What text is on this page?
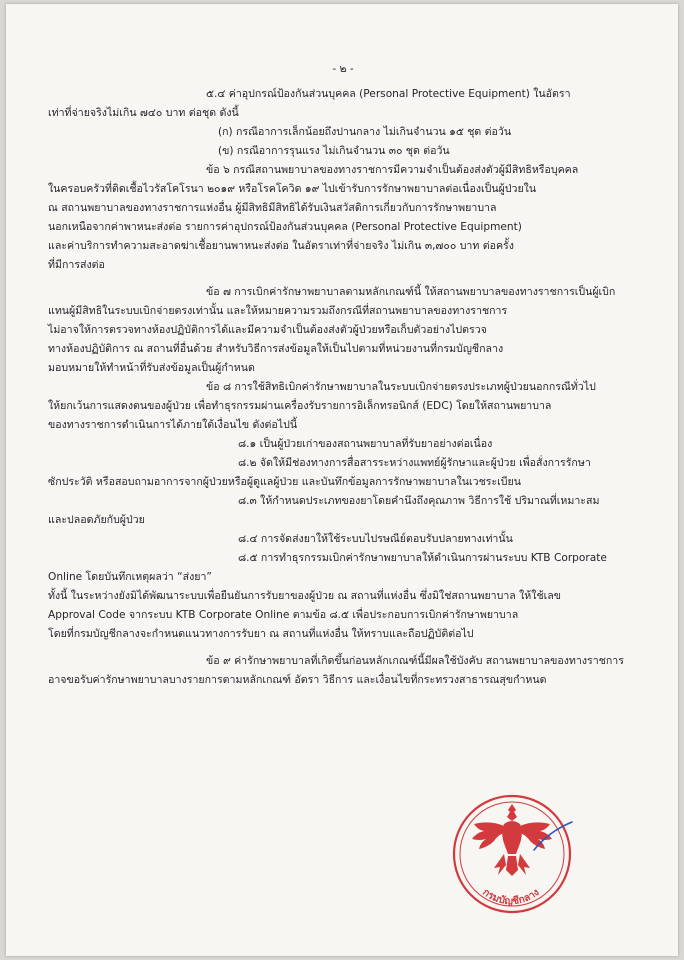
- ๒ -

๕.๔ ค่าอุปกรณ์ป้องกันส่วนบุคคล (Personal Protective Equipment) ในอัตรา

เท่าที่จ่ายจริงไม่เกิน ๗๔๐ บาท ต่อชุด ดังนี้

(ก) กรณีอาการเล็กน้อยถึงปานกลาง ไม่เกินจำนวน ๑๕ ชุด ต่อวัน

(ข) กรณีอาการรุนแรง ไม่เกินจำนวน ๓๐ ชุด ต่อวัน

ข้อ ๖ กรณีสถานพยาบาลของทางราชการมีความจำเป็นต้องส่งตัวผู้มีสิทธิหรือบุคคล

ในครอบครัวที่ติดเชื้อไวรัสโคโรนา ๒๐๑๙ หรือโรคโควิด ๑๙ ไปเข้ารับการรักษาพยาบาลต่อเนื่องเป็นผู้ป่วยใน

ณ สถานพยาบาลของทางราชการแห่งอื่น ผู้มีสิทธิมีสิทธิได้รับเงินสวัสดิการเกี่ยวกับการรักษาพยาบาล

นอกเหนือจากค่าพาหนะส่งต่อ รายการค่าอุปกรณ์ป้องกันส่วนบุคคล (Personal Protective Equipment)

และค่าบริการทำความสะอาดฆ่าเชื้อยานพาหนะส่งต่อ ในอัตราเท่าที่จ่ายจริง ไม่เกิน ๓,๗๐๐ บาท ต่อครั้ง

ที่มีการส่งต่อ

ข้อ ๗ การเบิกค่ารักษาพยาบาลตามหลักเกณฑ์นี้ ให้สถานพยาบาลของทางราชการเป็นผู้เบิก

แทนผู้มีสิทธิในระบบเบิกจ่ายตรงเท่านั้น และให้หมายความรวมถึงกรณีที่สถานพยาบาลของทางราชการ

ไม่อาจให้การตรวจทางห้องปฏิบัติการได้และมีความจำเป็นต้องส่งตัวผู้ป่วยหรือเก็บตัวอย่างไปตรวจ

ทางห้องปฏิบัติการ ณ สถานที่อื่นด้วย สำหรับวิธีการส่งข้อมูลให้เป็นไปตามที่หน่วยงานที่กรมบัญชีกลาง

มอบหมายให้ทำหน้าที่รับส่งข้อมูลเป็นผู้กำหนด

ข้อ ๘ การใช้สิทธิเบิกค่ารักษาพยาบาลในระบบเบิกจ่ายตรงประเภทผู้ป่วยนอกกรณีทั่วไป

ให้ยกเว้นการแสดงตนของผู้ป่วย เพื่อทำธุรกรรมผ่านเครื่องรับรายการอิเล็กทรอนิกส์ (EDC) โดยให้สถานพยาบาล

ของทางราชการดำเนินการได้ภายใต้เงื่อนไข ดังต่อไปนี้

๘.๑ เป็นผู้ป่วยเก่าของสถานพยาบาลที่รับยาอย่างต่อเนื่อง

๘.๒ จัดให้มีช่องทางการสื่อสารระหว่างแพทย์ผู้รักษาและผู้ป่วย เพื่อสั่งการรักษา

ซักประวัติ หรือสอบถามอาการจากผู้ป่วยหรือผู้ดูแลผู้ป่วย และบันทึกข้อมูลการรักษาพยาบาลในเวชระเบียน

๘.๓ ให้กำหนดประเภทของยาโดยคำนึงถึงคุณภาพ วิธีการใช้ ปริมาณที่เหมาะสม

และปลอดภัยกับผู้ป่วย

๘.๔ การจัดส่งยาให้ใช้ระบบไปรษณีย์ตอบรับปลายทางเท่านั้น

๘.๕ การทำธุรกรรมเบิกค่ารักษาพยาบาลให้ดำเนินการผ่านระบบ KTB Corporate

Online โดยบันทึกเหตุผลว่า “ส่งยา”

ทั้งนี้ ในระหว่างยังมิได้พัฒนาระบบเพื่อยืนยันการรับยาของผู้ป่วย ณ สถานที่แห่งอื่น ซึ่งมิใช่สถานพยาบาล ให้ใช้เลข

Approval Code จากระบบ KTB Corporate Online ตามข้อ ๘.๕ เพื่อประกอบการเบิกค่ารักษาพยาบาล

โดยที่กรมบัญชีกลางจะกำหนดแนวทางการรับยา ณ สถานที่แห่งอื่น ให้ทราบและถือปฏิบัติต่อไป

ข้อ ๙ ค่ารักษาพยาบาลที่เกิดขึ้นก่อนหลักเกณฑ์นี้มีผลใช้บังคับ สถานพยาบาลของทางราชการ

อาจขอรับค่ารักษาพยาบาลบางรายการตามหลักเกณฑ์ อัตรา วิธีการ และเงื่อนไขที่กระทรวงสาธารณสุขกำหนด

กรมบัญชีกลาง
